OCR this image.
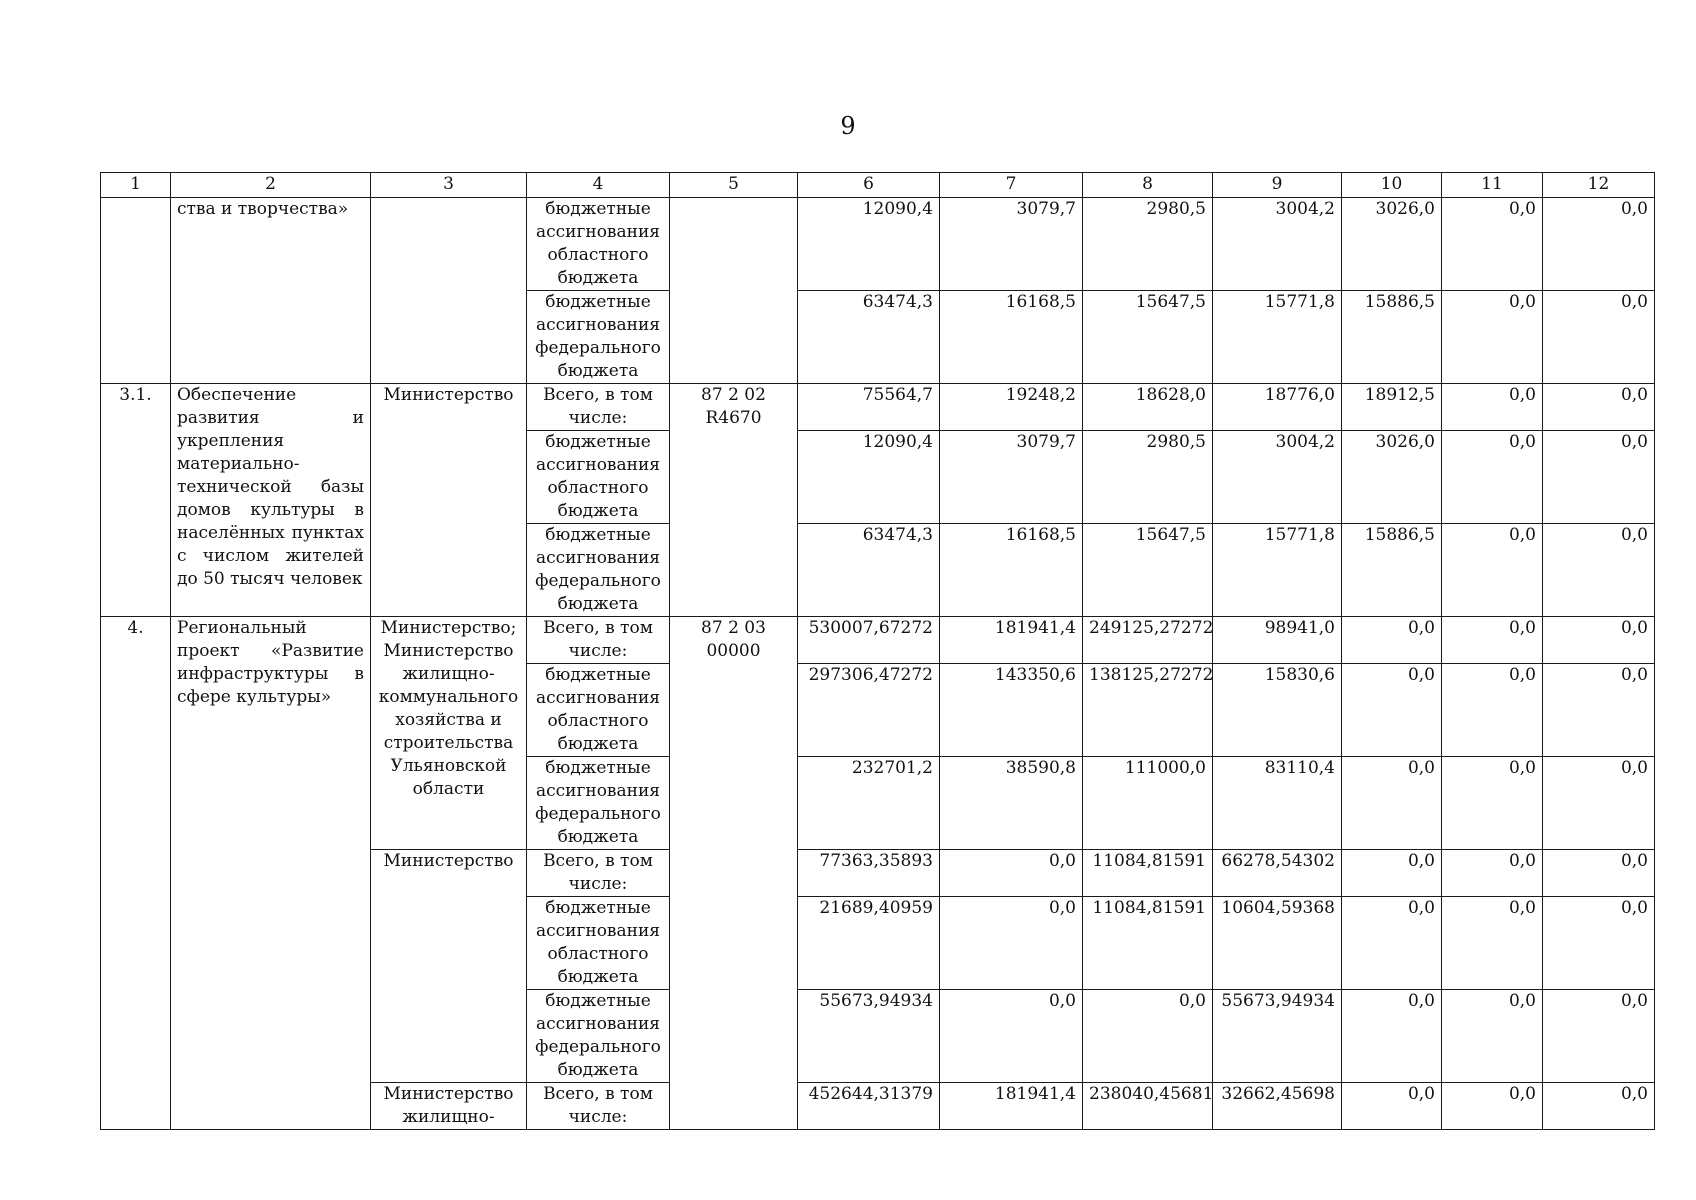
9
1	2	3	4	5	6	7	8	9	10	11	12
	ства и творчества»		бюджетные ассигнования областного бюджета		12090,4	3079,7	2980,5	3004,2	3026,0	0,0	0,0
			бюджетные ассигнования федерального бюджета		63474,3	16168,5	15647,5	15771,8	15886,5	0,0	0,0
3.1.	Обеспечение развития и укрепления материально-технической базы домов культуры в населённых пунктах с числом жителей до 50 тысяч человек	Министерство	Всего, в том числе:	87 2 02 R4670	75564,7	19248,2	18628,0	18776,0	18912,5	0,0	0,0
			бюджетные ассигнования областного бюджета		12090,4	3079,7	2980,5	3004,2	3026,0	0,0	0,0
			бюджетные ассигнования федерального бюджета		63474,3	16168,5	15647,5	15771,8	15886,5	0,0	0,0
4.	Региональный проект «Развитие инфраструктуры в сфере культуры»	Министерство; Министерство жилищно-коммунального хозяйства и строительства Ульяновской области	Всего, в том числе:	87 2 03 00000	530007,67272	181941,4	249125,27272	98941,0	0,0	0,0	0,0
			бюджетные ассигнования областного бюджета		297306,47272	143350,6	138125,27272	15830,6	0,0	0,0	0,0
			бюджетные ассигнования федерального бюджета		232701,2	38590,8	111000,0	83110,4	0,0	0,0	0,0
		Министерство	Всего, в том числе:		77363,35893	0,0	11084,81591	66278,54302	0,0	0,0	0,0
			бюджетные ассигнования областного бюджета		21689,40959	0,0	11084,81591	10604,59368	0,0	0,0	0,0
			бюджетные ассигнования федерального бюджета		55673,94934	0,0	0,0	55673,94934	0,0	0,0	0,0
		Министерство жилищно-	Всего, в том числе:		452644,31379	181941,4	238040,45681	32662,45698	0,0	0,0	0,0
